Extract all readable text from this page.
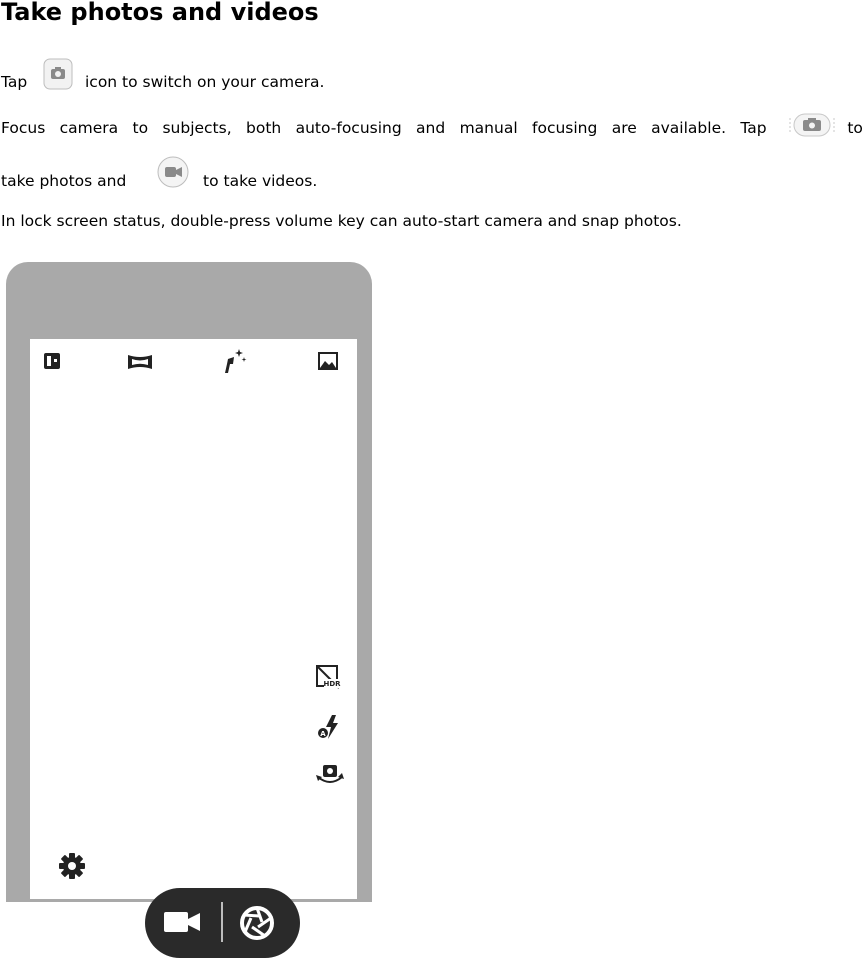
Take photos and videos
Tap	icon to switch on your camera.
Focus camera to subjects, both auto-focusing and manual focusing are available. Tap	to
take photos and	to take videos.
In lock screen status, double-press volume key can auto-start camera and snap photos.
HDR
A
